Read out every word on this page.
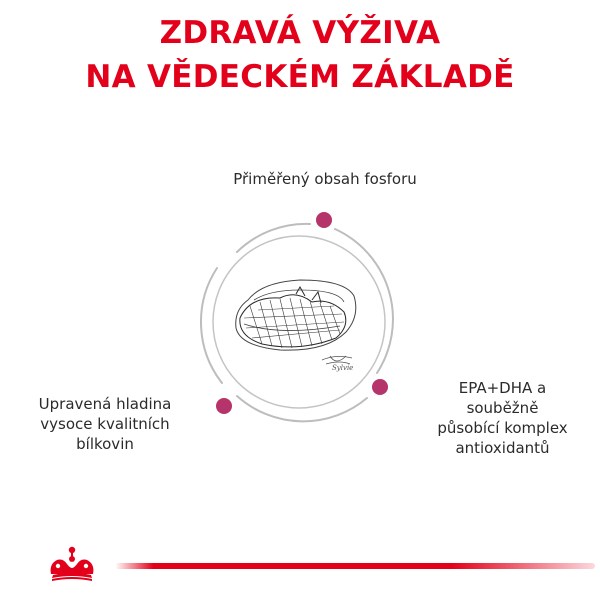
ZDRAVÁ VÝŽIVA
NA VĚDECKÉM ZÁKLADĚ
Sylvie
Přiměřený obsah fosforu
Upravená hladina
vysoce kvalitních
bílkovin
EPA+DHA a
souběžně
působící komplex
antioxidantů
